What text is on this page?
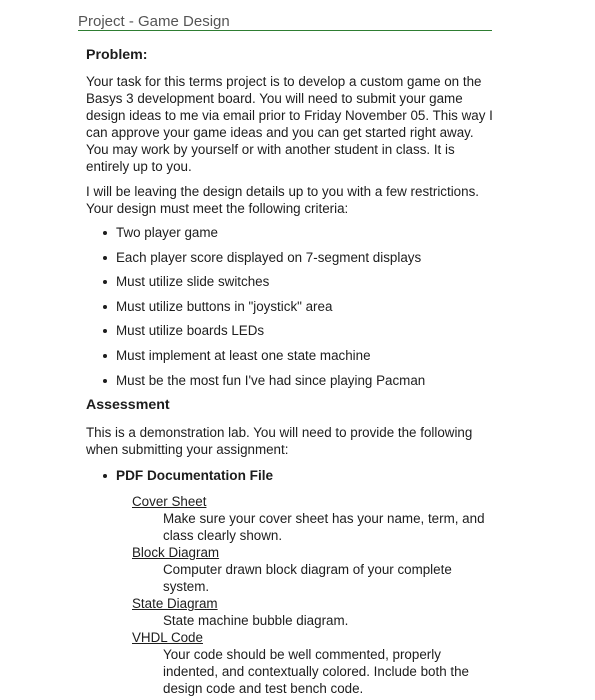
Project - Game Design
Problem:

Your task for this terms project is to develop a custom game on the Basys 3 development board. You will need to submit your game design ideas to me via email prior to Friday November 05. This way I can approve your game ideas and you can get started right away. You may work by yourself or with another student in class. It is entirely up to you.

I will be leaving the design details up to you with a few restrictions. Your design must meet the following criteria:

Two player game
Each player score displayed on 7-segment displays
Must utilize slide switches
Must utilize buttons in "joystick" area
Must utilize boards LEDs
Must implement at least one state machine
Must be the most fun I've had since playing Pacman
Assessment

This is a demonstration lab. You will need to provide the following when submitting your assignment:

PDF Documentation File
Cover Sheet
Make sure your cover sheet has your name, term, and class clearly shown.
Block Diagram
Computer drawn block diagram of your complete system.
State Diagram
State machine bubble diagram.
VHDL Code
Your code should be well commented, properly indented, and contextually colored. Include both the design code and test bench code.
